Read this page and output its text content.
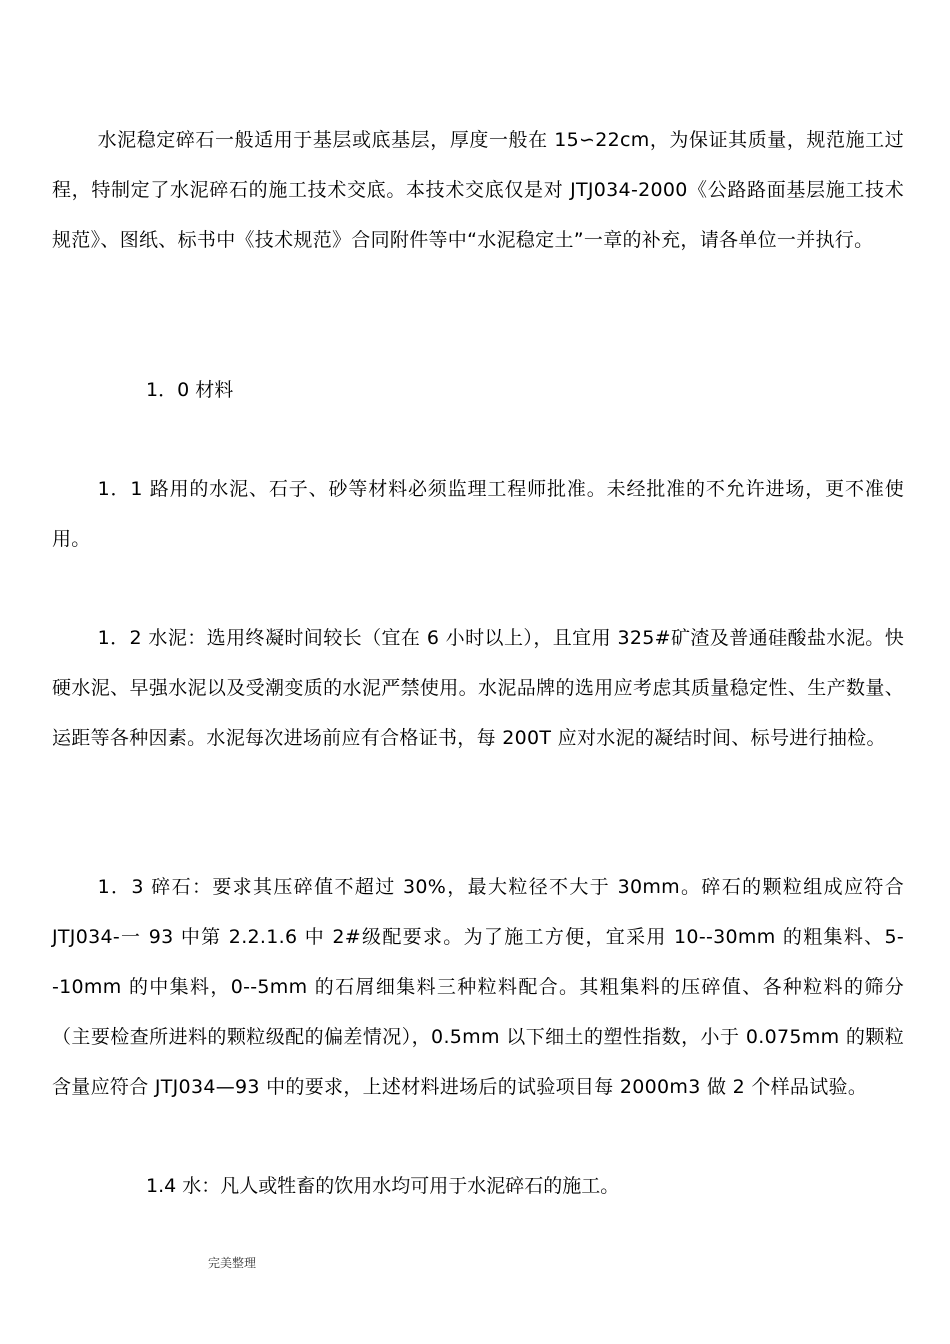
水泥稳定碎石一般适用于基层或底基层，厚度一般在 15∽22cm，为保证其质量，规范施工过程，特制定了水泥碎石的施工技术交底。本技术交底仅是对 JTJ034-2000《公路路面基层施工技术规范》、图纸、标书中《技术规范》合同附件等中“水泥稳定土”一章的补充，请各单位一并执行。

1．0 材料

1．1 路用的水泥、石子、砂等材料必须监理工程师批准。未经批准的不允许进场，更不准使用。

1．2 水泥：选用终凝时间较长（宜在 6 小时以上），且宜用 325#矿渣及普通硅酸盐水泥。快硬水泥、早强水泥以及受潮变质的水泥严禁使用。水泥品牌的选用应考虑其质量稳定性、生产数量、运距等各种因素。水泥每次进场前应有合格证书，每 200T 应对水泥的凝结时间、标号进行抽检。

1．3 碎石：要求其压碎值不超过 30%，最大粒径不大于 30mm。碎石的颗粒组成应符合 JTJ034-一 93 中第 2.2.1.6 中 2#级配要求。为了施工方便，宜采用 10--30mm 的粗集料、5--10mm 的中集料，0--5mm 的石屑细集料三种粒料配合。其粗集料的压碎值、各种粒料的筛分（主要检查所进料的颗粒级配的偏差情况），0.5mm 以下细土的塑性指数，小于 0.075mm 的颗粒含量应符合 JTJ034—93 中的要求，上述材料进场后的试验项目每 2000m3 做 2 个样品试验。

1.4 水：凡人或牲畜的饮用水均可用于水泥碎石的施工。

完美整理
